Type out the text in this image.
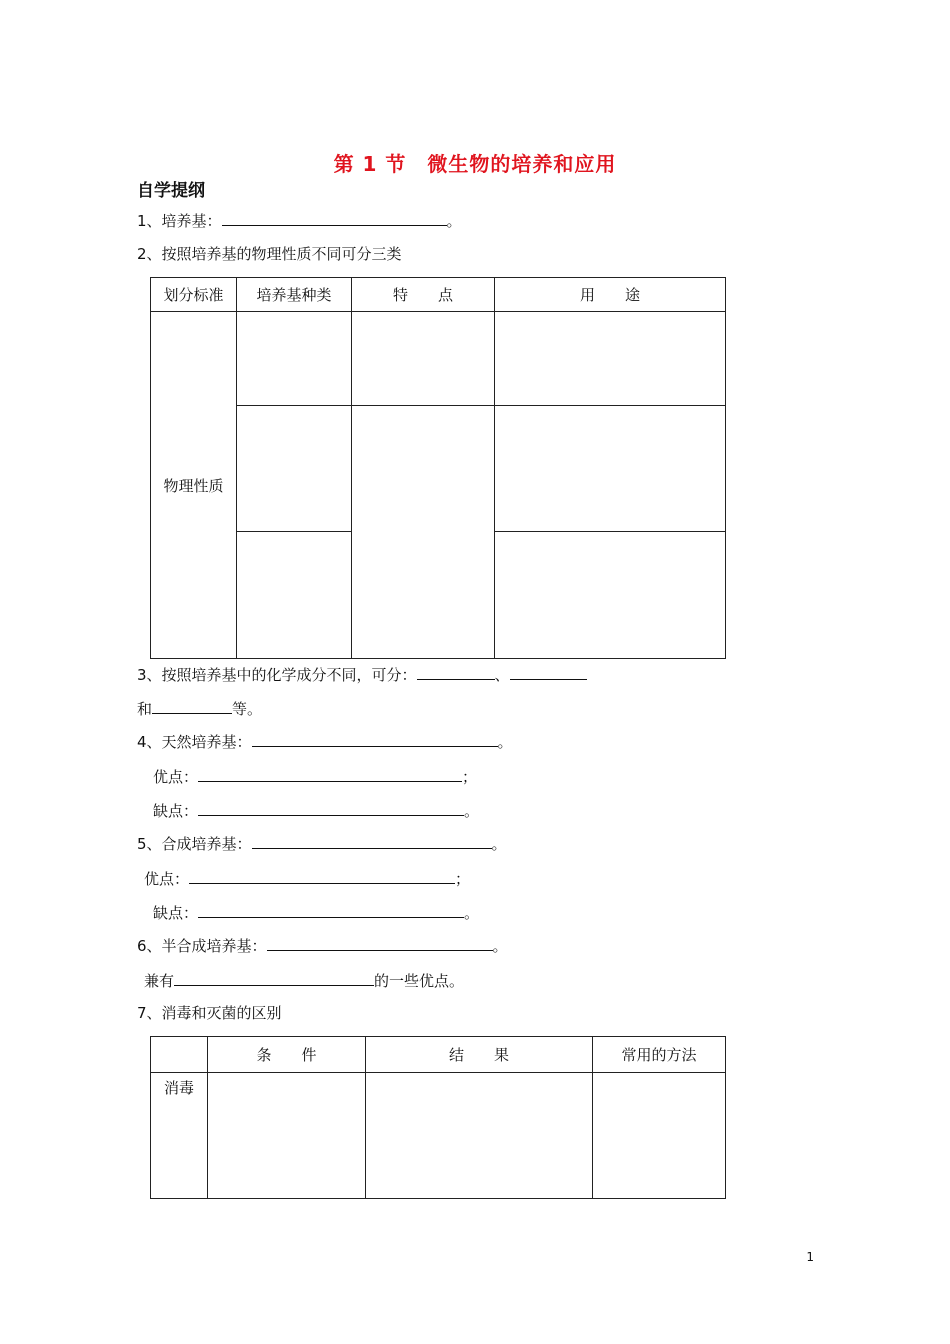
第 1 节　微生物的培养和应用
自学提纲
1、培养基：	。
2、按照培养基的物理性质不同可分三类
划分标准	培养基种类	特　　点	用　　途
物理性质			

3、按照培养基中的化学成分不同，可分：	、
和	等。
4、天然培养基：	。
优点：	；
缺点：	。
5、合成培养基：	。
优点：	；
缺点：	。
6、半合成培养基：	。
兼有	的一些优点。
7、消毒和灭菌的区别
	条　　件	结　　果	常用的方法
消毒			
1
